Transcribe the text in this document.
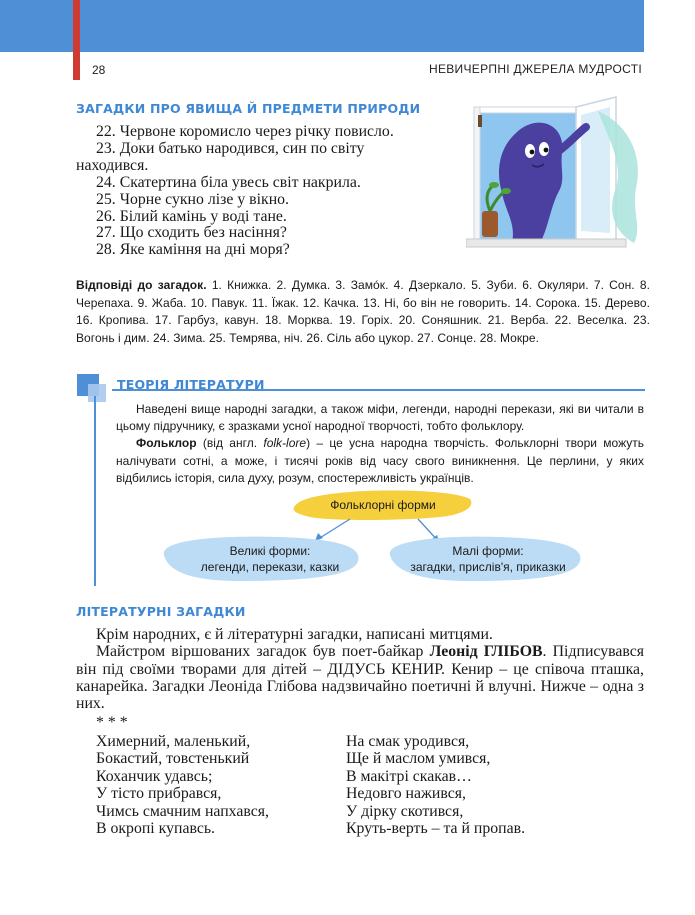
28	НЕВИЧЕРПНІ ДЖЕРЕЛА МУДРОСТІ
ЗАГАДКИ ПРО ЯВИЩА Й ПРЕДМЕТИ ПРИРОДИ
22. Червоне коромисло через річку повисло.
23. Доки батько народився, син по світу
находився.
24. Скатертина біла увесь світ накрила.
25. Чорне сукно лізе у вікно.
26. Білий камінь у воді тане.
27. Що сходить без насіння?
28. Яке каміння на дні моря?
Відповіді до загадок. 1. Книжка. 2. Думка. 3. Замóк. 4. Дзеркало. 5. Зуби. 6. Окуляри. 7. Сон. 8. Черепаха. 9. Жаба. 10. Павук. 11. Їжак. 12. Качка. 13. Ні, бо він не говорить. 14. Сорока. 15. Дерево. 16. Кропива. 17. Гарбуз, кавун. 18. Морква. 19. Горіх. 20. Соняшник. 21. Верба. 22. Веселка. 23. Вогонь і дим. 24. Зима. 25. Темрява, ніч. 26. Сіль або цукор. 27. Сонце. 28. Мокре.
ТЕОРІЯ ЛІТЕРАТУРИ

Наведені вище народні загадки, а також міфи, легенди, народні перекази, які ви читали в цьому підручнику, є зразками усної народної творчості, тобто фольклору.

Фольклор (від англ. folk-lore) – це усна народна творчість. Фольклорні твори можуть налічувати сотні, а може, і тисячі років від часу свого виникнення. Це перлини, у яких відбились історія, сила духу, розум, спостережливість українців.

Фольклорні форми
Великі форми:
легенди, перекази, казки
Малі форми:
загадки, прислів'я, приказки
ЛІТЕРАТУРНІ ЗАГАДКИ

Крім народних, є й літературні загадки, написані митцями.

Майстром віршованих загадок був поет-байкар Леонід ГЛІБОВ. Підписувався він під своїми творами для дітей – ДІДУСЬ КЕНИР. Кенир – це співоча пташка, канарейка. Загадки Леоніда Глібова надзвичайно поетичні й влучні. Нижче – одна з них.

* * *
Химерний, маленький,
Бокастий, товстенький
Коханчик удавсь;
У тісто прибрався,
Чимсь смачним напхався,
В окропі купавсь.
На смак уродився,
Ще й маслом умився,
В макітрі скакав…
Недовго нажився,
У дірку скотився,
Круть-верть – та й пропав.
